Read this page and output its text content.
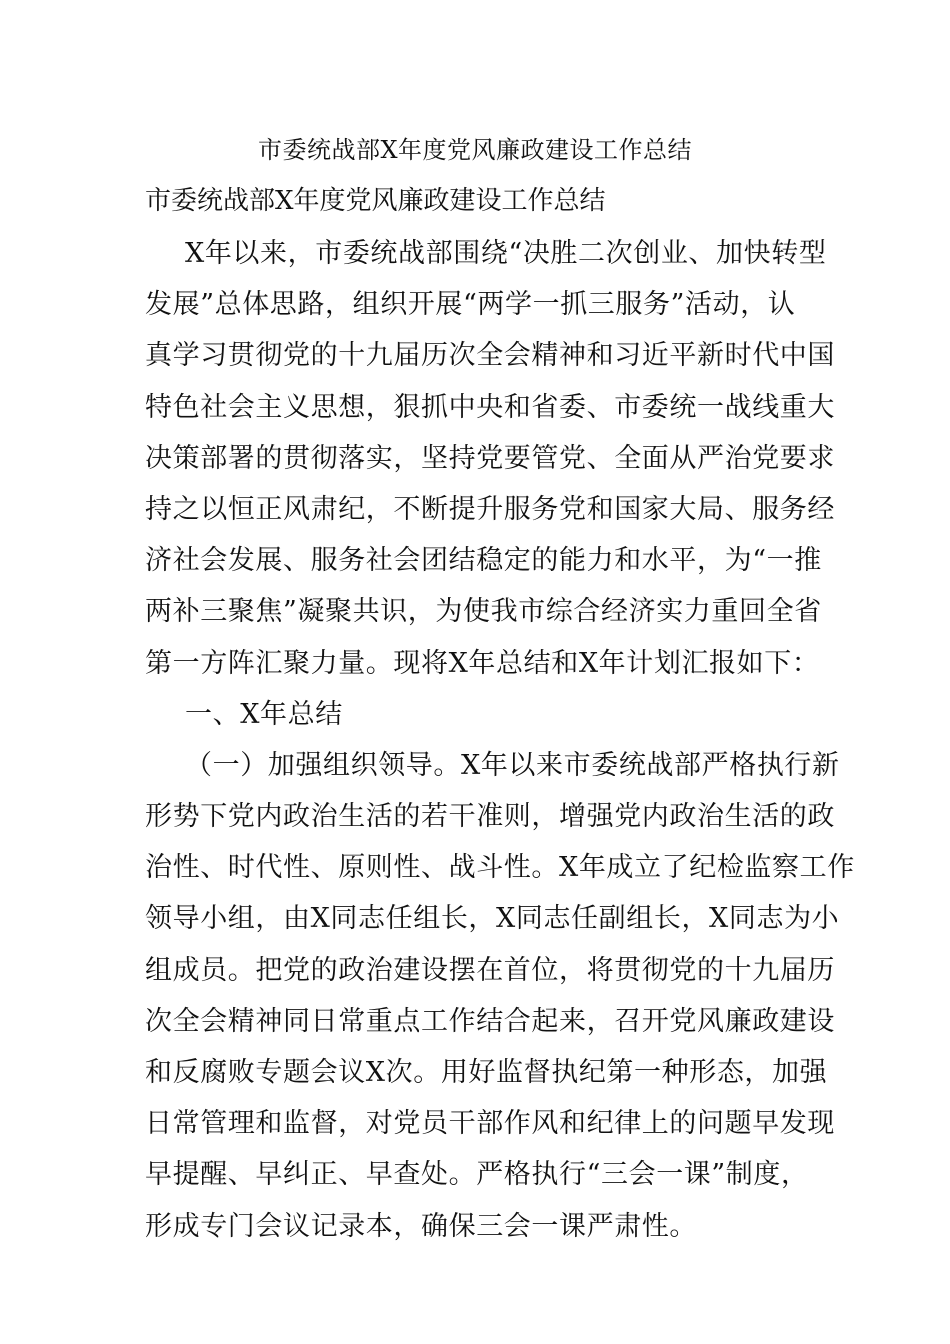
市委统战部X年度党风廉政建设工作总结
市委统战部X年度党风廉政建设工作总结
X年以来，市委统战部围绕“决胜二次创业、加快转型
发展”总体思路，组织开展“两学一抓三服务”活动，认
真学习贯彻党的十九届历次全会精神和习近平新时代中国
特色社会主义思想，狠抓中央和省委、市委统一战线重大
决策部署的贯彻落实，坚持党要管党、全面从严治党要求
持之以恒正风肃纪，不断提升服务党和国家大局、服务经
济社会发展、服务社会团结稳定的能力和水平，为“一推
两补三聚焦”凝聚共识，为使我市综合经济实力重回全省
第一方阵汇聚力量。现将X年总结和X年计划汇报如下：
一、X年总结
（一）加强组织领导。X年以来市委统战部严格执行新
形势下党内政治生活的若干准则，增强党内政治生活的政
治性、时代性、原则性、战斗性。X年成立了纪检监察工作
领导小组，由X同志任组长，X同志任副组长，X同志为小
组成员。把党的政治建设摆在首位，将贯彻党的十九届历
次全会精神同日常重点工作结合起来，召开党风廉政建设
和反腐败专题会议X次。用好监督执纪第一种形态，加强
日常管理和监督，对党员干部作风和纪律上的问题早发现
早提醒、早纠正、早查处。严格执行“三会一课”制度，
形成专门会议记录本，确保三会一课严肃性。
